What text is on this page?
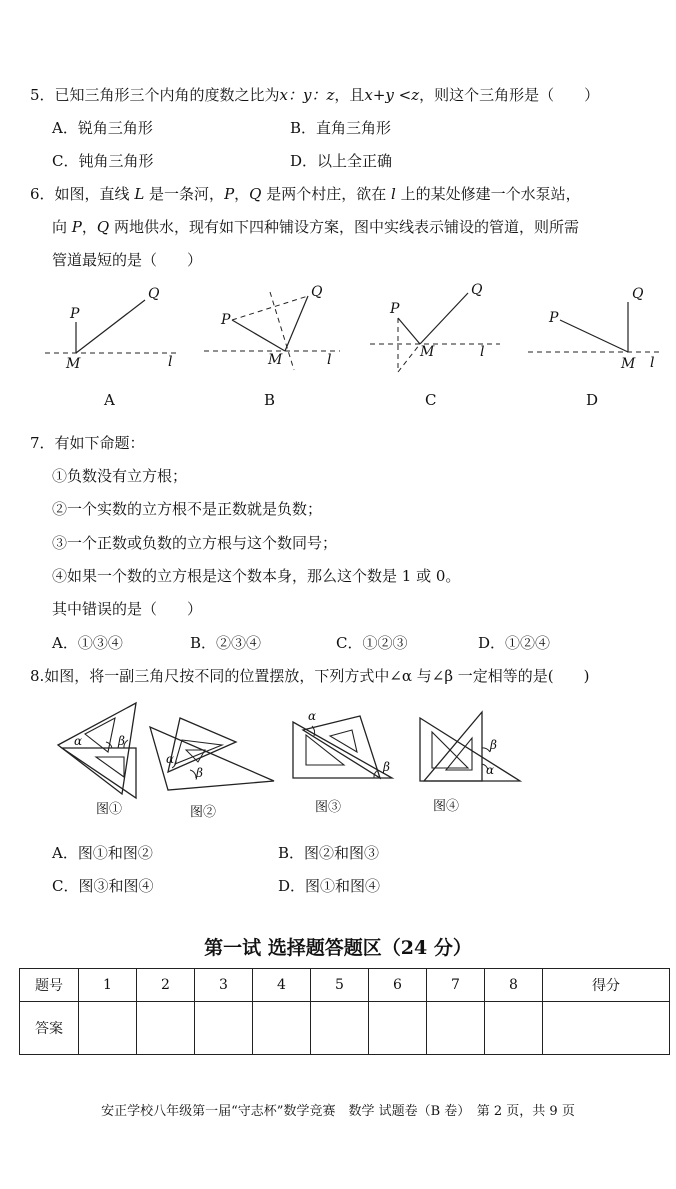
5．已知三角形三个内角的度数之比为x：y：z，且x+y <z，则这个三角形是（　　）
A．锐角三角形	B．直角三角形
C．钝角三角形	D．以上全正确
6．如图，直线 L 是一条河，P，Q 是两个村庄，欲在 l 上的某处修建一个水泵站，
向 P，Q 两地供水，现有如下四种铺设方案，图中实线表示铺设的管道，则所需
管道最短的是（　　）
P
Q
M	l
A
P
Q
M	l
B
P
Q
M	l
C
P
Q
M l
D
7．有如下命题：
①负数没有立方根；
②一个实数的立方根不是正数就是负数；
③一个正数或负数的立方根与这个数同号；
④如果一个数的立方根是这个数本身，那么这个数是 1 或 0。
其中错误的是（　　）
A．①③④	B．②③④	C．①②③	D．①②④
8.如图，将一副三角尺按不同的位置摆放，下列方式中∠α 与∠β 一定相等的是(　　)
α	β
图①
α
β
图②
α
β
图③
β
α
图④
A．图①和图②	B．图②和图③
C．图③和图④	D．图①和图④
第一试 选择题答题区（24 分）
题号	1	2	3	4	5	6	7	8	得分
答案									
安正学校八年级第一届“守志杯”数学竞赛　数学 试题卷（B 卷）　第 2 页，共 9 页
